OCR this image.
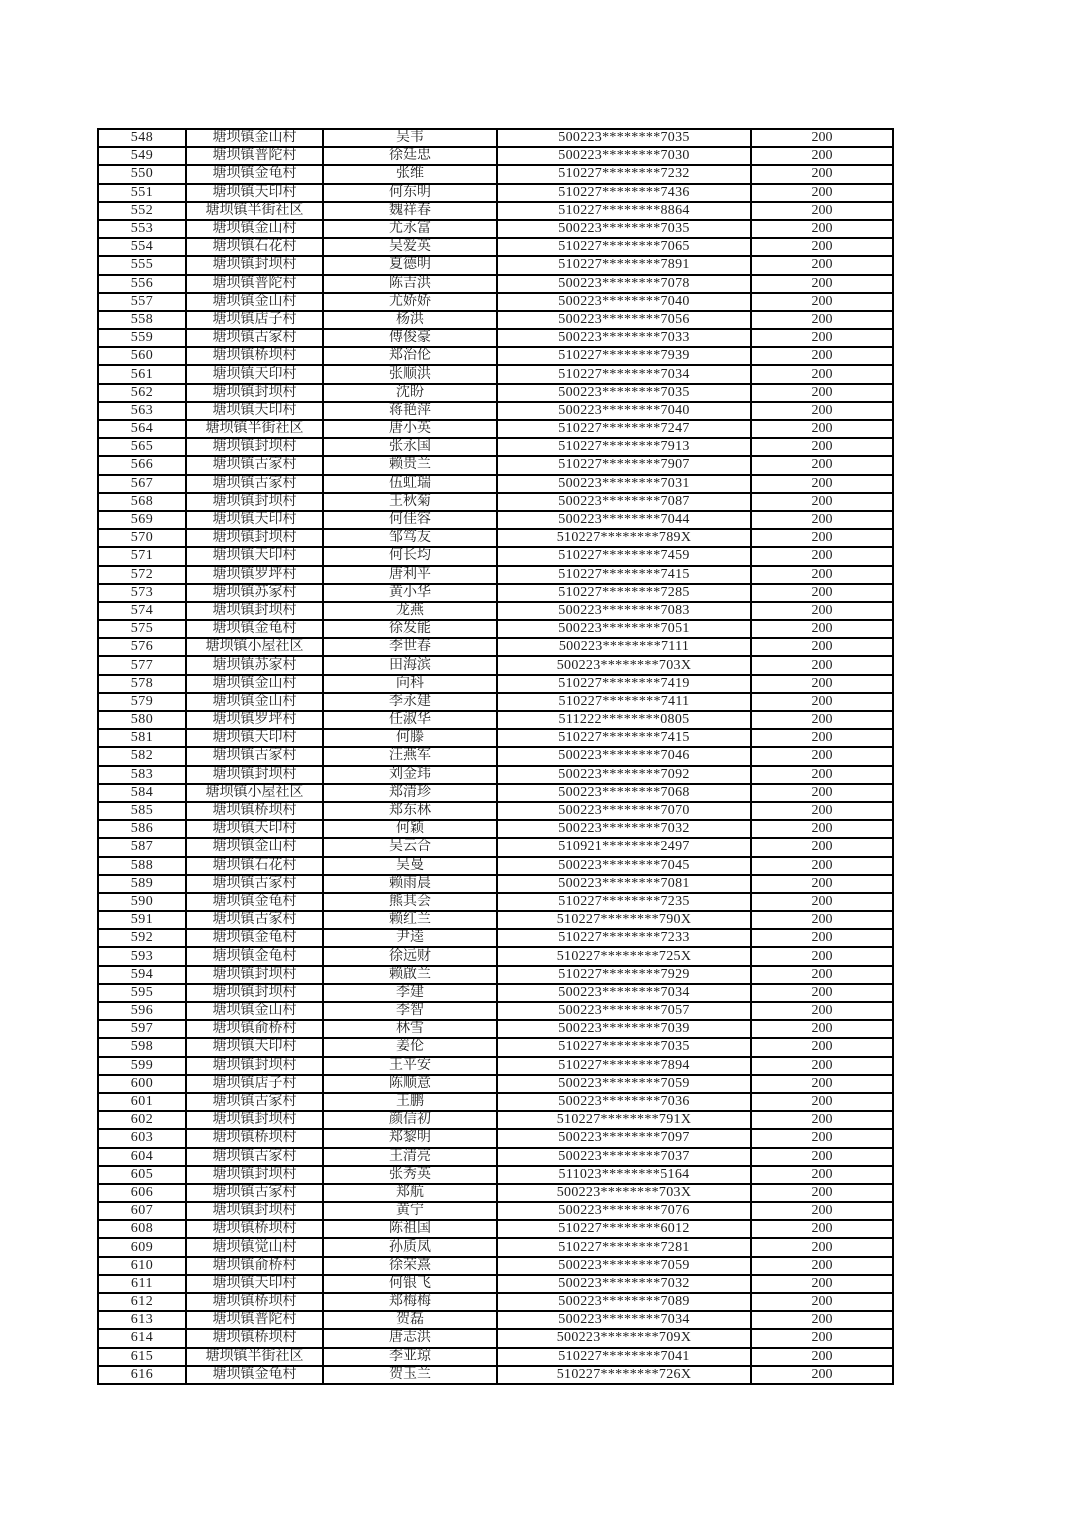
548	塘坝镇金山村	吴韦	500223********7035	200
549	塘坝镇普陀村	徐廷忠	500223********7030	200
550	塘坝镇金龟村	张维	510227********7232	200
551	塘坝镇天印村	何东明	510227********7436	200
552	塘坝镇半街社区	魏祥春	510227********8864	200
553	塘坝镇金山村	尤永富	500223********7035	200
554	塘坝镇石花村	吴爱英	510227********7065	200
555	塘坝镇封坝村	夏德明	510227********7891	200
556	塘坝镇普陀村	陈吉洪	500223********7078	200
557	塘坝镇金山村	尤娇娇	500223********7040	200
558	塘坝镇店子村	杨洪	500223********7056	200
559	塘坝镇古家村	傅俊豪	500223********7033	200
560	塘坝镇桥坝村	郑治伦	510227********7939	200
561	塘坝镇天印村	张顺洪	510227********7034	200
562	塘坝镇封坝村	沈盼	500223********7035	200
563	塘坝镇天印村	蒋艳萍	500223********7040	200
564	塘坝镇半街社区	唐小英	510227********7247	200
565	塘坝镇封坝村	张永国	510227********7913	200
566	塘坝镇古家村	赖贵兰	510227********7907	200
567	塘坝镇古家村	伍虹瑞	500223********7031	200
568	塘坝镇封坝村	王秋菊	500223********7087	200
569	塘坝镇天印村	何佳容	500223********7044	200
570	塘坝镇封坝村	邹笃友	510227********789X	200
571	塘坝镇天印村	何长均	510227********7459	200
572	塘坝镇罗坪村	唐利平	510227********7415	200
573	塘坝镇苏家村	黄小华	510227********7285	200
574	塘坝镇封坝村	龙燕	500223********7083	200
575	塘坝镇金龟村	徐发能	500223********7051	200
576	塘坝镇小屋社区	李世春	500223********7111	200
577	塘坝镇苏家村	田海滨	500223********703X	200
578	塘坝镇金山村	向科	510227********7419	200
579	塘坝镇金山村	李永建	510227********7411	200
580	塘坝镇罗坪村	任淑华	511222********0805	200
581	塘坝镇天印村	何滕	510227********7415	200
582	塘坝镇古家村	汪燕军	500223********7046	200
583	塘坝镇封坝村	刘金玮	500223********7092	200
584	塘坝镇小屋社区	郑清珍	500223********7068	200
585	塘坝镇桥坝村	郑东林	500223********7070	200
586	塘坝镇天印村	何颖	500223********7032	200
587	塘坝镇金山村	吴云合	510921********2497	200
588	塘坝镇石花村	吴曼	500223********7045	200
589	塘坝镇古家村	赖雨晨	500223********7081	200
590	塘坝镇金龟村	熊其会	510227********7235	200
591	塘坝镇古家村	赖红兰	510227********790X	200
592	塘坝镇金龟村	尹逵	510227********7233	200
593	塘坝镇金龟村	徐远财	510227********725X	200
594	塘坝镇封坝村	赖啟兰	510227********7929	200
595	塘坝镇封坝村	李建	500223********7034	200
596	塘坝镇金山村	李智	500223********7057	200
597	塘坝镇俞桥村	林雪	500223********7039	200
598	塘坝镇天印村	姜伦	510227********7035	200
599	塘坝镇封坝村	王平安	510227********7894	200
600	塘坝镇店子村	陈顺意	500223********7059	200
601	塘坝镇古家村	王鹏	500223********7036	200
602	塘坝镇封坝村	颜信初	510227********791X	200
603	塘坝镇桥坝村	郑黎明	500223********7097	200
604	塘坝镇古家村	王清亮	500223********7037	200
605	塘坝镇封坝村	张秀英	511023********5164	200
606	塘坝镇古家村	郑航	500223********703X	200
607	塘坝镇封坝村	黄宁	500223********7076	200
608	塘坝镇桥坝村	陈祖国	510227********6012	200
609	塘坝镇觉山村	孙质凤	510227********7281	200
610	塘坝镇俞桥村	徐荣熹	500223********7059	200
611	塘坝镇天印村	何银飞	500223********7032	200
612	塘坝镇桥坝村	郑梅梅	500223********7089	200
613	塘坝镇普陀村	贺磊	500223********7034	200
614	塘坝镇桥坝村	唐志洪	500223********709X	200
615	塘坝镇半街社区	李亚琼	510227********7041	200
616	塘坝镇金龟村	贺玉兰	510227********726X	200
